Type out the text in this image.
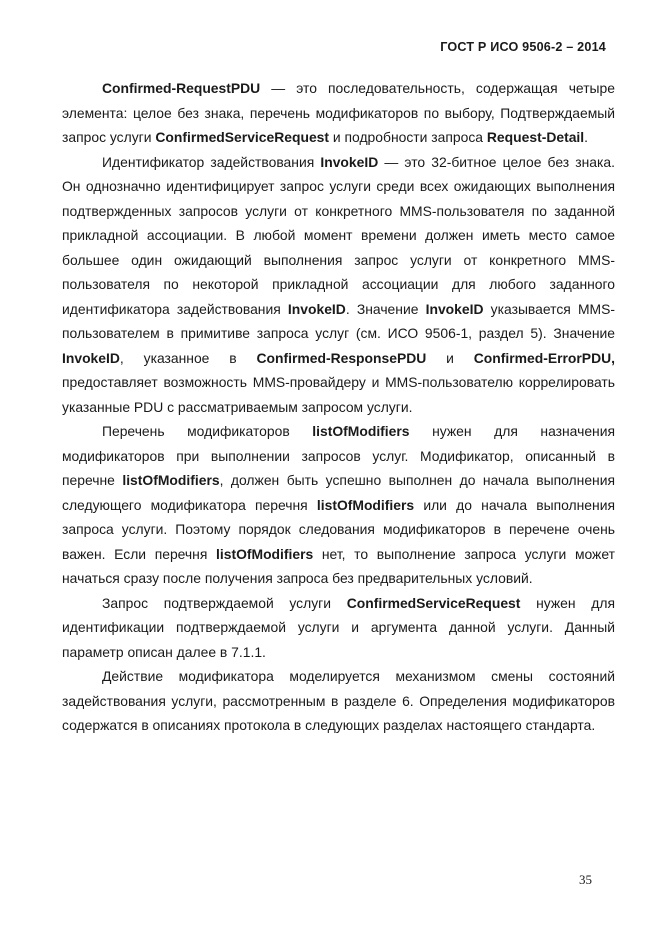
ГОСТ Р ИСО 9506-2 – 2014

Confirmed-RequestPDU — это последовательность, содержащая четыре элемента: целое без знака, перечень модификаторов по выбору, Подтверждаемый запрос услуги ConfirmedServiceRequest и подробности запроса Request-Detail.

Идентификатор задействования InvokeID — это 32-битное целое без знака. Он однозначно идентифицирует запрос услуги среди всех ожидающих выполнения подтвержденных запросов услуги от конкретного MMS-пользователя по заданной прикладной ассоциации. В любой момент времени должен иметь место самое большее один ожидающий выполнения запрос услуги от конкретного MMS-пользователя по некоторой прикладной ассоциации для любого заданного идентификатора задействования InvokeID. Значение InvokeID указывается MMS-пользователем в примитиве запроса услуг (см. ИСО 9506-1, раздел 5). Значение InvokeID, указанное в Confirmed-ResponsePDU и Confirmed-ErrorPDU, предоставляет возможность MMS-провайдеру и MMS-пользователю коррелировать указанные PDU с рассматриваемым запросом услуги.

Перечень модификаторов listOfModifiers нужен для назначения модификаторов при выполнении запросов услуг. Модификатор, описанный в перечне listOfModifiers, должен быть успешно выполнен до начала выполнения следующего модификатора перечня listOfModifiers или до начала выполнения запроса услуги. Поэтому порядок следования модификаторов в перечене очень важен. Если перечня listOfModifiers нет, то выполнение запроса услуги может начаться сразу после получения запроса без предварительных условий.

Запрос подтверждаемой услуги ConfirmedServiceRequest нужен для идентификации подтверждаемой услуги и аргумента данной услуги. Данный параметр описан далее в 7.1.1.

Действие модификатора моделируется механизмом смены состояний задействования услуги, рассмотренным в разделе 6. Определения модификаторов содержатся в описаниях протокола в следующих разделах настоящего стандарта.

35
